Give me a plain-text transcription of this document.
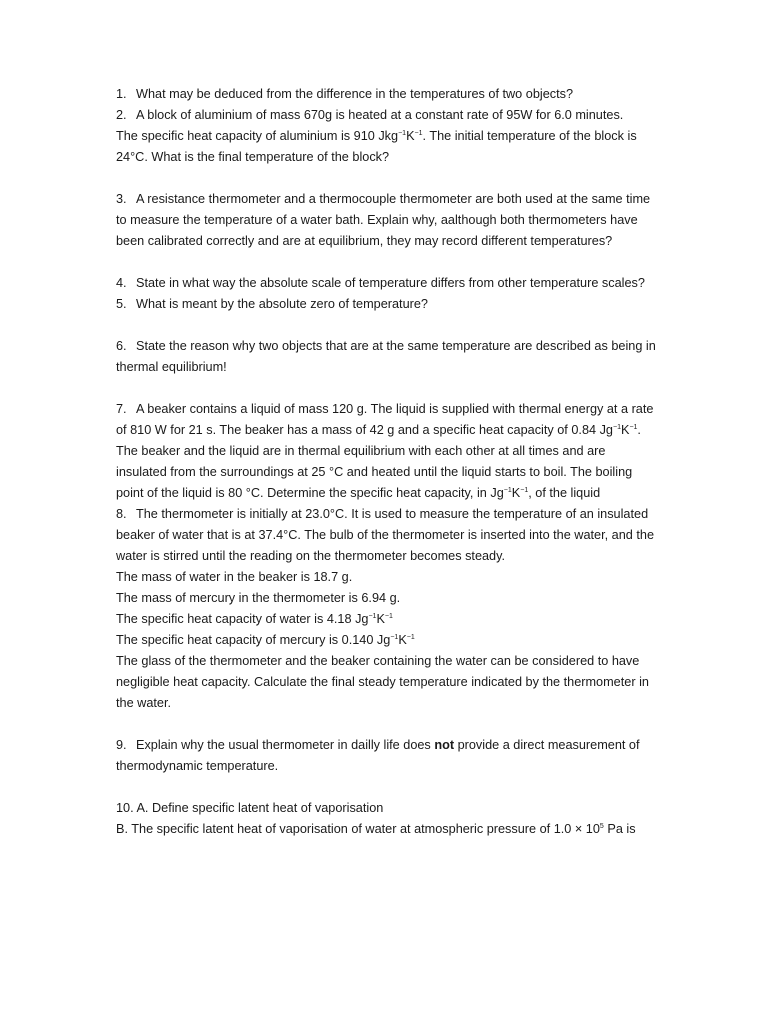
1. What may be deduced from the difference in the temperatures of two objects?

2. A block of aluminium of mass 670g is heated at a constant rate of 95W for 6.0 minutes.

The specific heat capacity of aluminium is 910 $Jkg^{-1}K^{-1}$. The initial temperature of the block is

24°C. What is the final temperature of the block?

3. A resistance thermometer and a thermocouple thermometer are both used at the same time to measure the temperature of a water bath. Explain why, aalthough both thermometers have been calibrated correctly and are at equilibrium, they may record different temperatures?

4. State in what way the absolute scale of temperature differs from other temperature scales?

5. What is meant by the absolute zero of temperature?

6. State the reason why two objects that are at the same temperature are described as being in thermal equilibrium!

7. A beaker contains a liquid of mass 120 g. The liquid is supplied with thermal energy at a rate of 810 W for 21 s. The beaker has a mass of 42 g and a specific heat capacity of 0.84 $Jg^{-1}K^{-1}$. The beaker and the liquid are in thermal equilibrium with each other at all times and are insulated from the surroundings at 25 °C and heated until the liquid starts to boil. The boiling point of the liquid is 80 °C. Determine the specific heat capacity, in $Jg^{-1}K^{-1}$, of the liquid

8. The thermometer is initially at 23.0°C. It is used to measure the temperature of an insulated beaker of water that is at 37.4°C. The bulb of the thermometer is inserted into the water, and the water is stirred until the reading on the thermometer becomes steady.

The mass of water in the beaker is 18.7 g.

The mass of mercury in the thermometer is 6.94 g.

The specific heat capacity of water is 4.18 $Jg^{-1}K^{-1}$

The specific heat capacity of mercury is 0.140 $Jg^{-1}K^{-1}$

The glass of the thermometer and the beaker containing the water can be considered to have negligible heat capacity. Calculate the final steady temperature indicated by the thermometer in the water.

9. Explain why the usual thermometer in dailly life does not provide a direct measurement of thermodynamic temperature.

10. A. Define specific latent heat of vaporisation

B. The specific latent heat of vaporisation of water at atmospheric pressure of $1.0 \times 10^5$ Pa is
